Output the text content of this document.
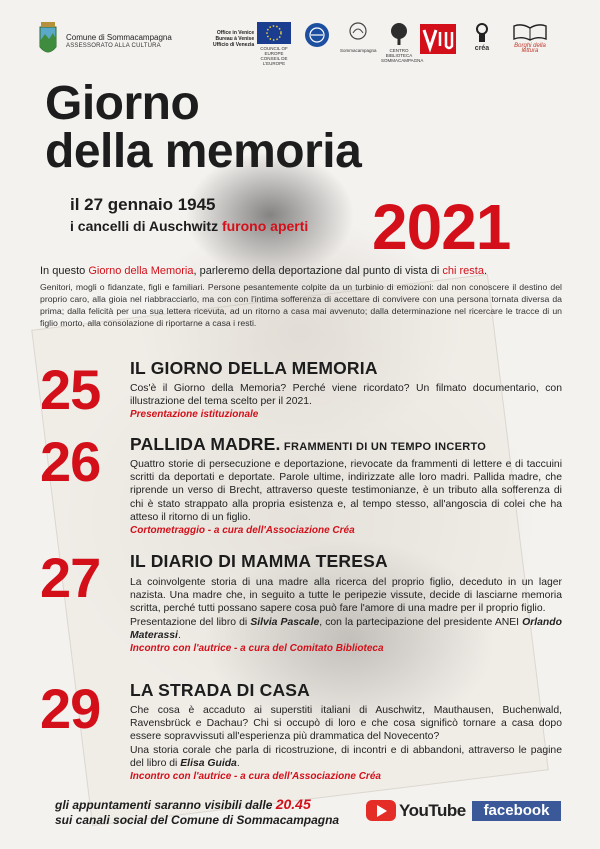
Comune di Sommacampagna
ASSESSORATO ALLA CULTURA
Office in Venice
Bureau à Venise
Ufficio di Venezia
COUNCIL OF EUROPE CONSEIL DE L'EUROPE
Sommacampagna	CENTRO BIBLIOTECA SOMMACAMPAGNA
créa	Borghi della lettura
Giorno
della memoria
il 27 gennaio 1945
i cancelli di Auschwitz furono aperti 2021
In questo Giorno della Memoria, parleremo della deportazione dal punto di vista di chi resta.
Genitori, mogli o fidanzate, figli e familiari. Persone pesantemente colpite da un turbinio di emozioni: dal non conoscere il destino del proprio caro, alla gioia nel riabbracciarlo, ma con con l'intima sofferenza di accettare di convivere con una persona tornata diversa da prima; dalla felicità per una sua lettera ricevuta, ad un ritorno a casa mai avvenuto; dalla determinazione nel ricercare le tracce di un figlio morto, alla consolazione di riportarne a casa i resti.
25 IL GIORNO DELLA MEMORIA
Cos'è il Giorno della Memoria? Perché viene ricordato? Un filmato documentario, con illustrazione del tema scelto per il 2021.
Presentazione istituzionale
26 PALLIDA MADRE. FRAMMENTI DI UN TEMPO INCERTO
Quattro storie di persecuzione e deportazione, rievocate da frammenti di lettere e di taccuini scritti da deportati e deportate. Parole ultime, indirizzate alle loro madri. Pallida madre, che riprende un verso di Brecht, attraverso queste testimonianze, è un tributo alla sofferenza di chi è stato strappato alla propria esistenza e, al tempo stesso, all'angoscia di colei che ha atteso il ritorno di un figlio.
Cortometraggio - a cura dell'Associazione Créa
27 IL DIARIO DI MAMMA TERESA
La coinvolgente storia di una madre alla ricerca del proprio figlio, deceduto in un lager nazista. Una madre che, in seguito a tutte le peripezie vissute, decide di lasciarne memoria scritta, perché tutti possano sapere cosa può fare l'amore di una madre per il proprio figlio.
Presentazione del libro di Silvia Pascale, con la partecipazione del presidente ANEI Orlando Materassi.
Incontro con l'autrice - a cura del Comitato Biblioteca
29 LA STRADA DI CASA
Che cosa è accaduto ai superstiti italiani di Auschwitz, Mauthausen, Buchenwald, Ravensbrück e Dachau? Chi si occupò di loro e che cosa significò tornare a casa dopo essere sopravvissuti all'esperienza più drammatica del Novecento?
Una storia corale che parla di ricostruzione, di incontri e di abbandoni, attraverso le pagine del libro di Elisa Guida.
Incontro con l'autrice - a cura dell'Associazione Créa
gli appuntamenti saranno visibili dalle 20.45
sui canali social del Comune di Sommacampagna
YouTube	facebook
